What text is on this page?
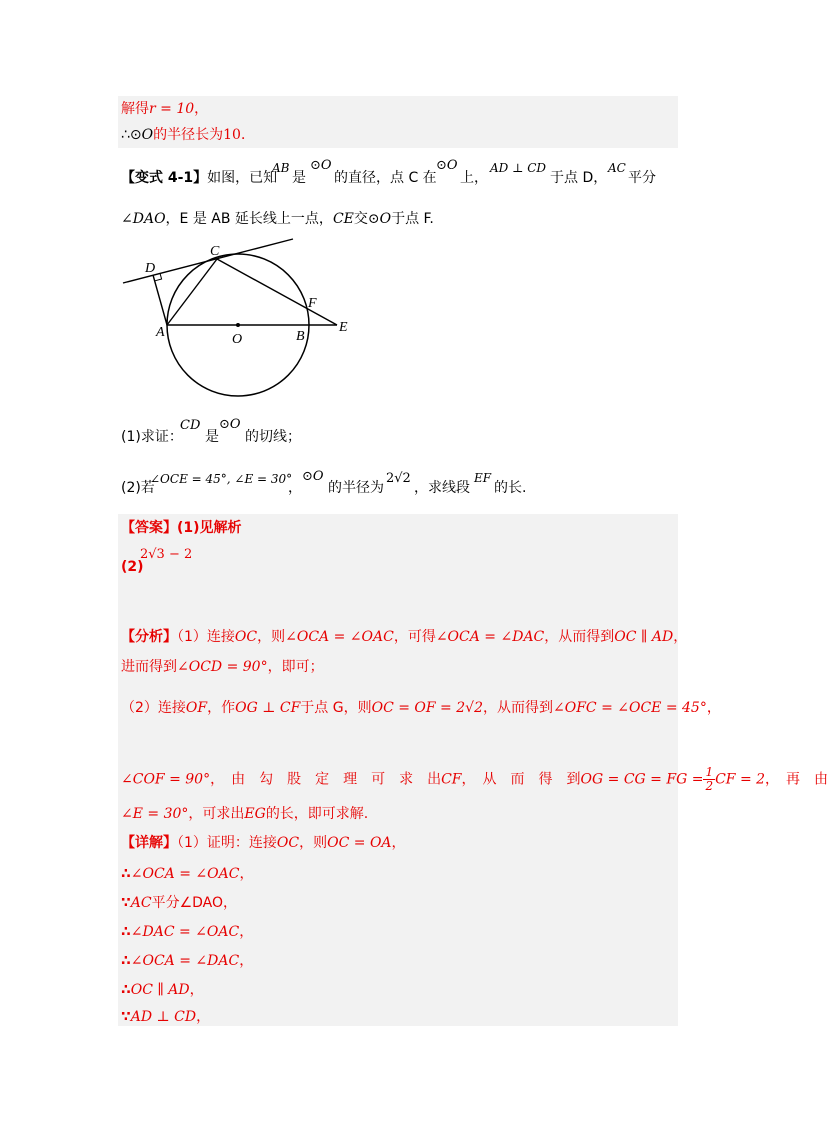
解得r = 10，
∴⊙O的半径长为10．
【变式 4-1】如图，已知
AB
是
⊙O
的直径，点 C 在
⊙O
上，
AD ⊥ CD
于点 D，
AC
平分
∠DAO，E 是 AB 延长线上一点，CE交⊙O于点 F.
C
D
F
A	O	B
E
(1)求证：
CD
是
⊙O
的切线；
(2)若
∠OCE = 45°, ∠E = 30°
，
⊙O
的半径为
2√2
，求线段
EF
的长.
【答案】(1)见解析
(2)
2√3 − 2
【分析】（1）连接OC，则∠OCA = ∠OAC，可得∠OCA = ∠DAC，从而得到OC ∥ AD，
进而得到∠OCD = 90°，即可；
（2）连接OF，作OG ⊥ CF于点 G，则OC = OF = 2√2，从而得到∠OFC = ∠OCE = 45°，
∠COF = 90°，　由　勾　股　定　理　可　求　出CF，　从　而　得　到OG = CG = FG = $\frac{1}{2}$ CF = 2，　再　由
∠E = 30°，可求出EG的长，即可求解.
【详解】（1）证明：连接OC，则OC = OA，
∴∠OCA = ∠OAC，
∵AC平分∠DAO，
∴∠DAC = ∠OAC，
∴∠OCA = ∠DAC，
∴OC ∥ AD，
∵AD ⊥ CD，
